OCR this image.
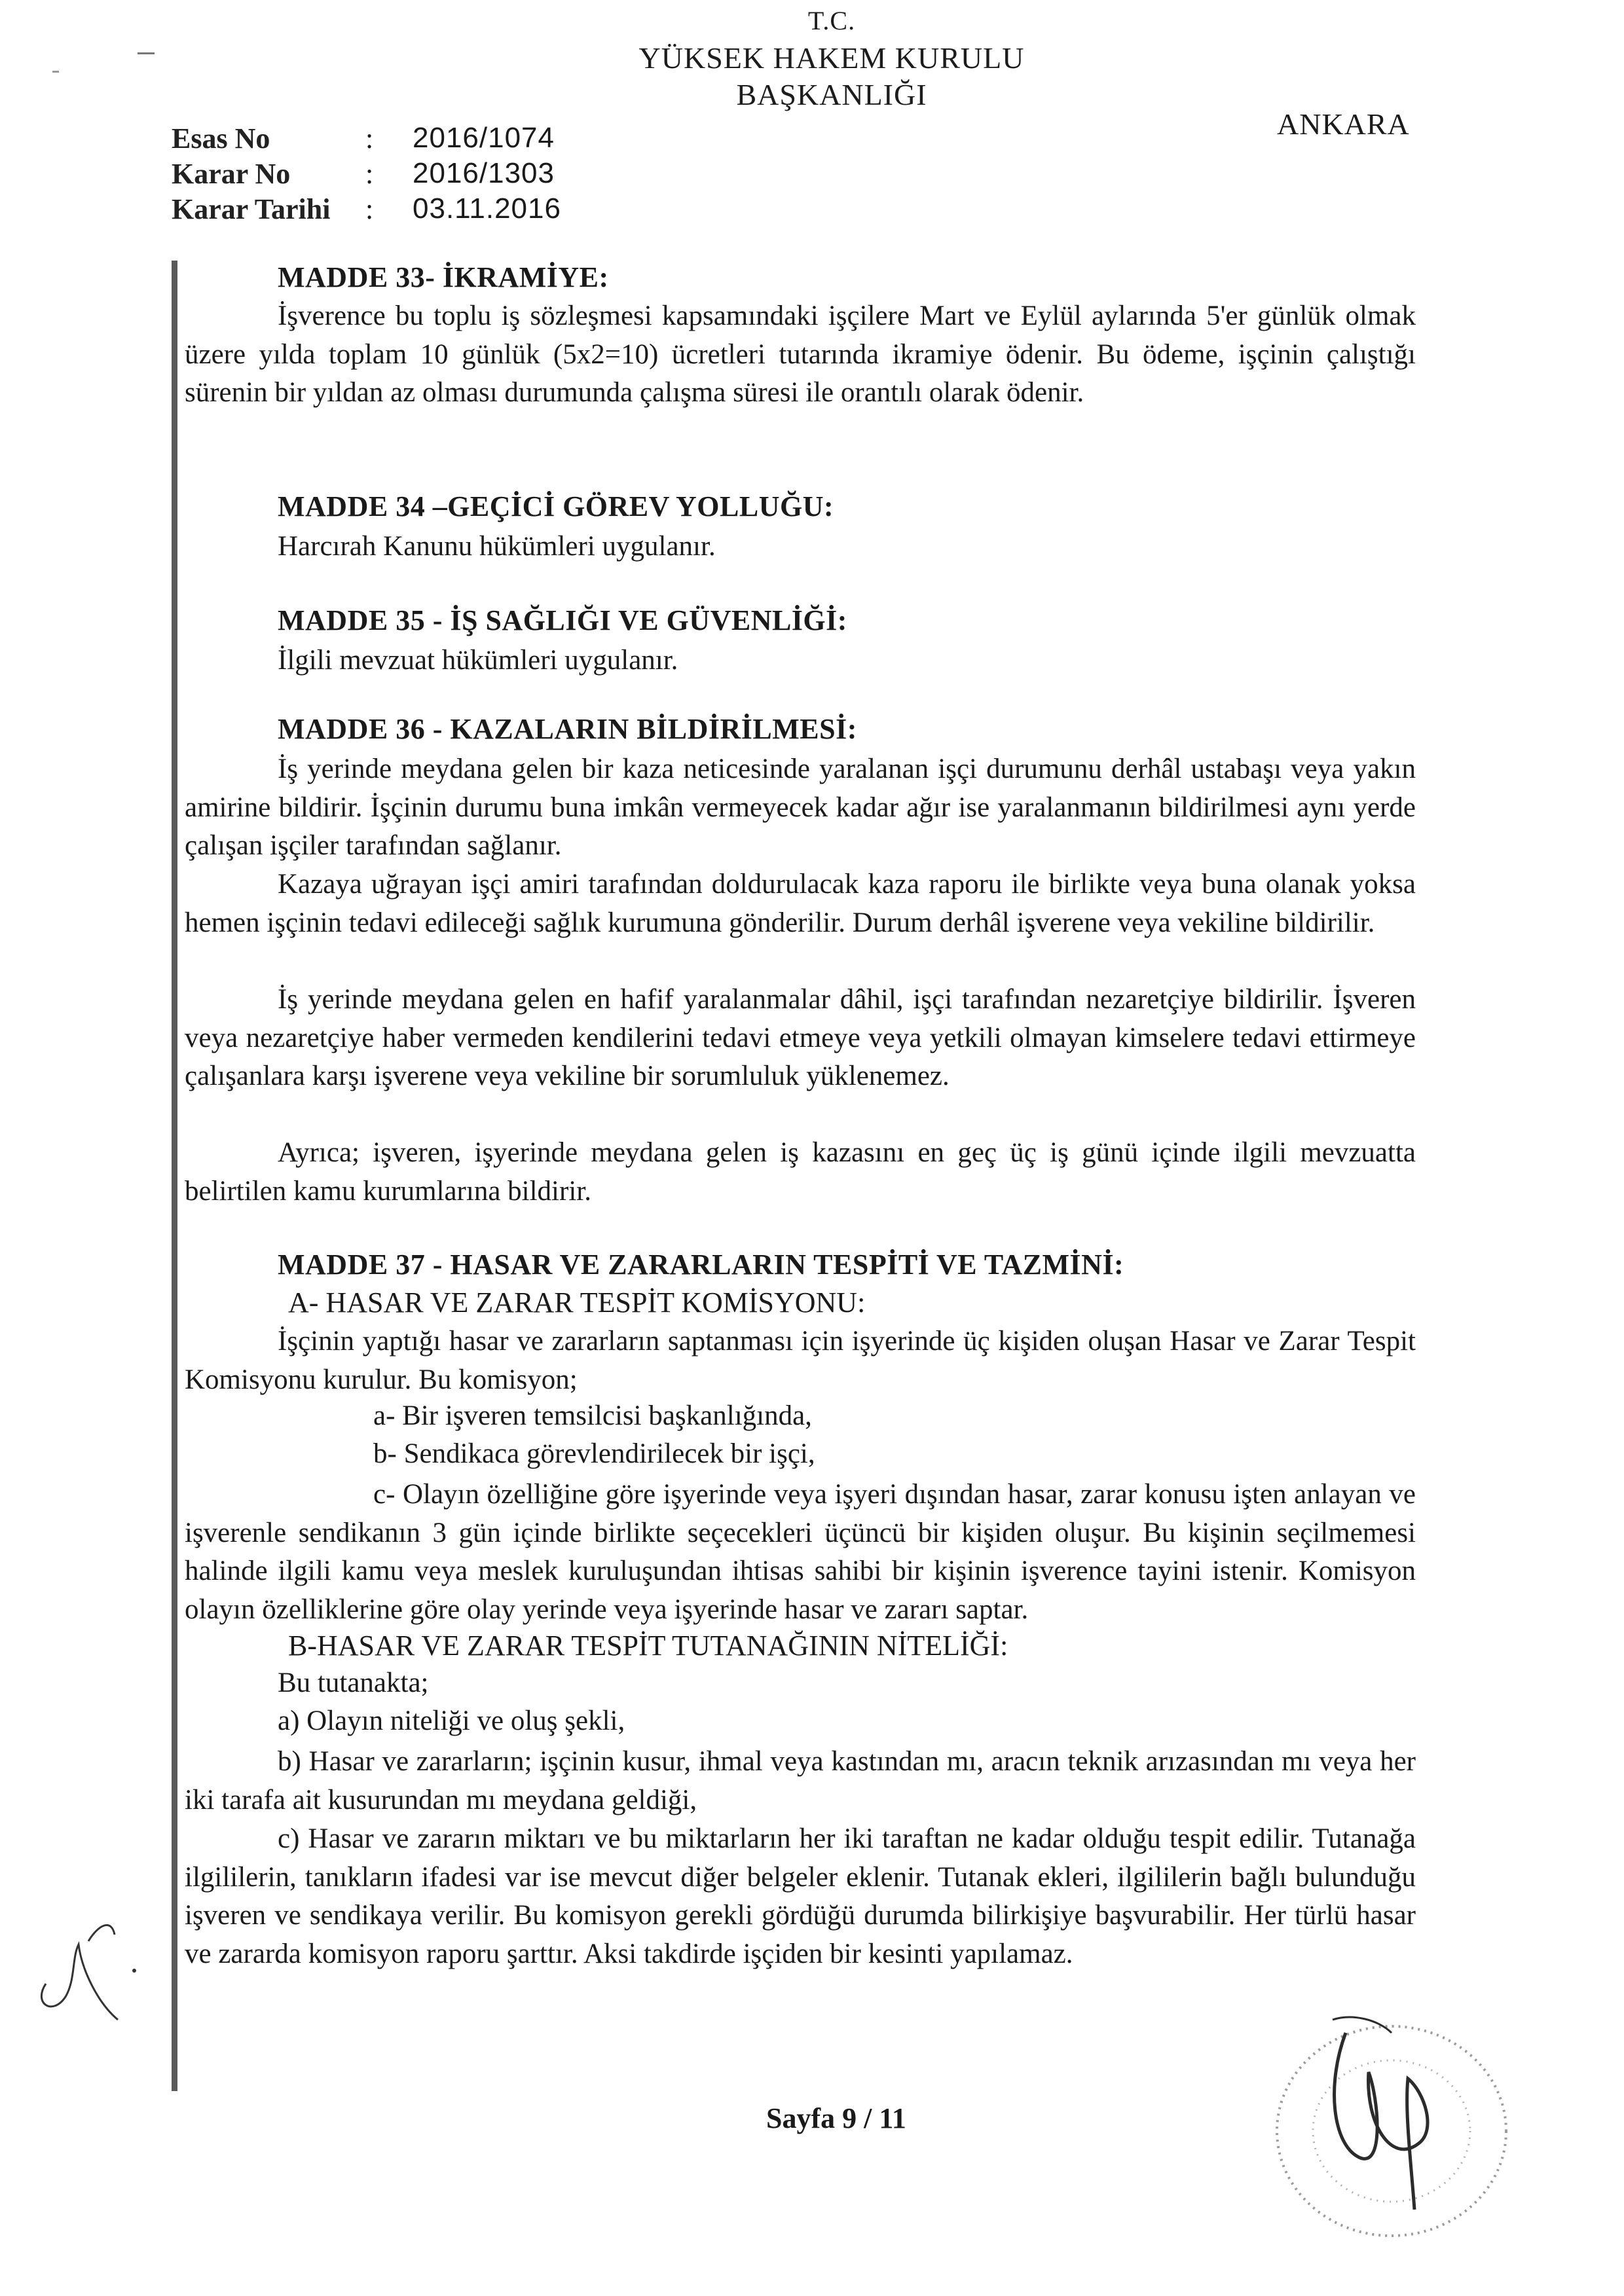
T.C.
YÜKSEK HAKEM KURULU
BAŞKANLIĞI
ANKARA
Esas No	: 2016/1074
Karar No	: 2016/1303
Karar Tarihi : 03.11.2016
MADDE 33- İKRAMİYE:
İşverence bu toplu iş sözleşmesi kapsamındaki işçilere Mart ve Eylül aylarında 5'er günlük olmak üzere yılda toplam 10 günlük (5x2=10) ücretleri tutarında ikramiye ödenir. Bu ödeme, işçinin çalıştığı sürenin bir yıldan az olması durumunda çalışma süresi ile orantılı olarak ödenir.
MADDE 34 –GEÇİCİ GÖREV YOLLUĞU:
Harcırah Kanunu hükümleri uygulanır.
MADDE 35 - İŞ SAĞLIĞI VE GÜVENLİĞİ:
İlgili mevzuat hükümleri uygulanır.
MADDE 36 - KAZALARIN BİLDİRİLMESİ:
İş yerinde meydana gelen bir kaza neticesinde yaralanan işçi durumunu derhâl ustabaşı veya yakın amirine bildirir. İşçinin durumu buna imkân vermeyecek kadar ağır ise yaralanmanın bildirilmesi aynı yerde çalışan işçiler tarafından sağlanır.
Kazaya uğrayan işçi amiri tarafından doldurulacak kaza raporu ile birlikte veya buna olanak yoksa hemen işçinin tedavi edileceği sağlık kurumuna gönderilir. Durum derhâl işverene veya vekiline bildirilir.
İş yerinde meydana gelen en hafif yaralanmalar dâhil, işçi tarafından nezaretçiye bildirilir. İşveren veya nezaretçiye haber vermeden kendilerini tedavi etmeye veya yetkili olmayan kimselere tedavi ettirmeye çalışanlara karşı işverene veya vekiline bir sorumluluk yüklenemez.
Ayrıca; işveren, işyerinde meydana gelen iş kazasını en geç üç iş günü içinde ilgili mevzuatta belirtilen kamu kurumlarına bildirir.
MADDE 37 - HASAR VE ZARARLARIN TESPİTİ VE TAZMİNİ:
A- HASAR VE ZARAR TESPİT KOMİSYONU:
İşçinin yaptığı hasar ve zararların saptanması için işyerinde üç kişiden oluşan Hasar ve Zarar Tespit Komisyonu kurulur. Bu komisyon;
a- Bir işveren temsilcisi başkanlığında,
b- Sendikaca görevlendirilecek bir işçi,
c- Olayın özelliğine göre işyerinde veya işyeri dışından hasar, zarar konusu işten anlayan ve işverenle sendikanın 3 gün içinde birlikte seçecekleri üçüncü bir kişiden oluşur. Bu kişinin seçilmemesi halinde ilgili kamu veya meslek kuruluşundan ihtisas sahibi bir kişinin işverence tayini istenir. Komisyon olayın özelliklerine göre olay yerinde veya işyerinde hasar ve zararı saptar.
B-HASAR VE ZARAR TESPİT TUTANAĞININ NİTELİĞİ:
Bu tutanakta;
a) Olayın niteliği ve oluş şekli,
b) Hasar ve zararların; işçinin kusur, ihmal veya kastından mı, aracın teknik arızasından mı veya her iki tarafa ait kusurundan mı meydana geldiği,
c) Hasar ve zararın miktarı ve bu miktarların her iki taraftan ne kadar olduğu tespit edilir. Tutanağa ilgililerin, tanıkların ifadesi var ise mevcut diğer belgeler eklenir. Tutanak ekleri, ilgililerin bağlı bulunduğu işveren ve sendikaya verilir. Bu komisyon gerekli gördüğü durumda bilirkişiye başvurabilir. Her türlü hasar ve zararda komisyon raporu şarttır. Aksi takdirde işçiden bir kesinti yapılamaz.
Sayfa 9 / 11
